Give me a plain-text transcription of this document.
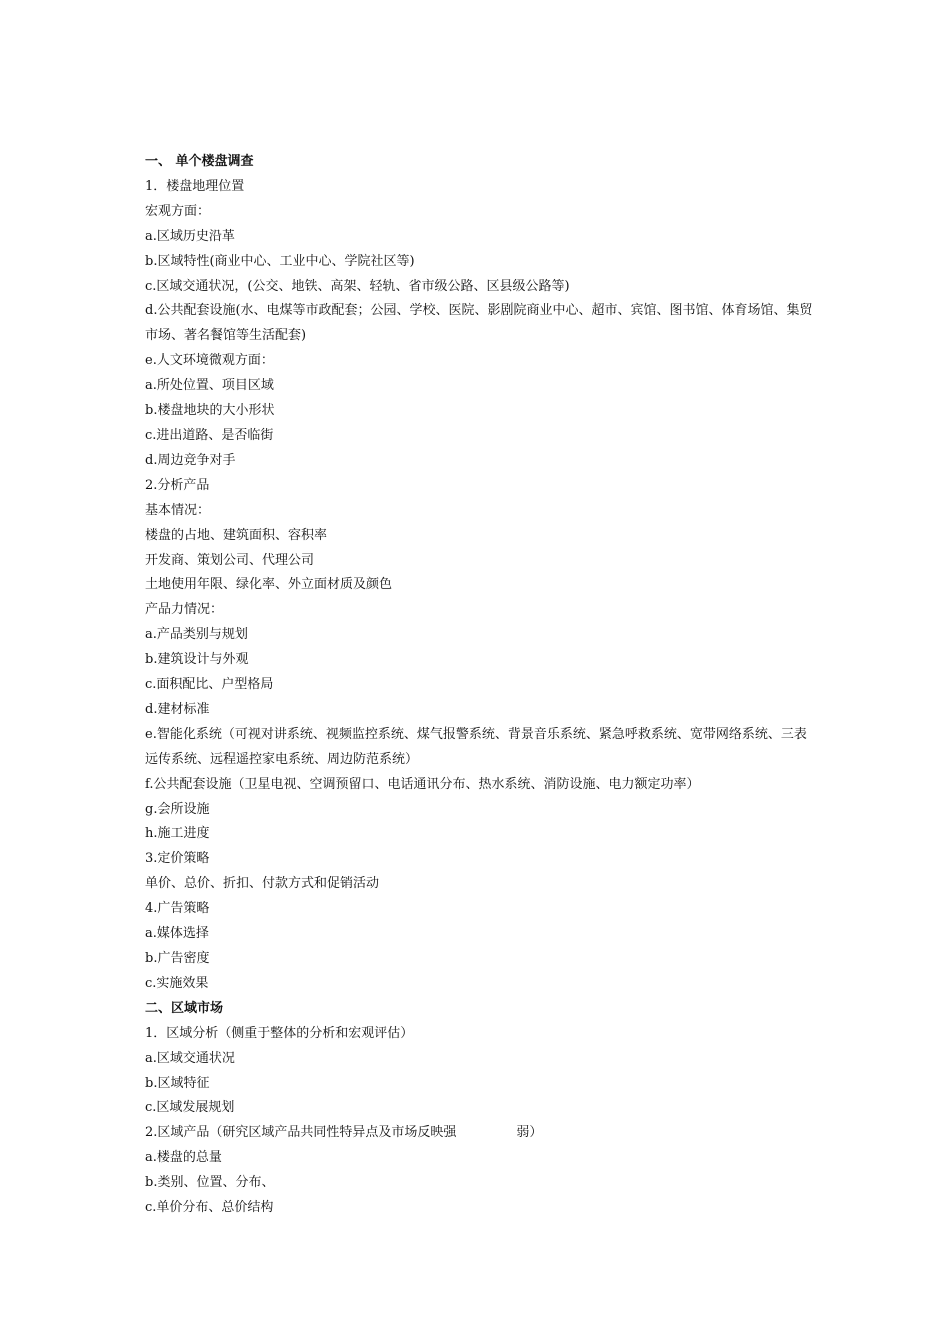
一、 单个楼盘调查
1．楼盘地理位置
宏观方面：
a.区域历史沿革
b.区域特性(商业中心、工业中心、学院社区等)
c.区域交通状况，(公交、地铁、高架、轻轨、省市级公路、区县级公路等)
d.公共配套设施(水、电煤等市政配套；公园、学校、医院、影剧院商业中心、超市、宾馆、图书馆、体育场馆、集贸市场、著名餐馆等生活配套)
e.人文环境微观方面：
a.所处位置、项目区域
b.楼盘地块的大小形状
c.进出道路、是否临街
d.周边竞争对手
2.分析产品
基本情况：
楼盘的占地、建筑面积、容积率
开发商、策划公司、代理公司
土地使用年限、绿化率、外立面材质及颜色
产品力情况：
a.产品类别与规划
b.建筑设计与外观
c.面积配比、户型格局
d.建材标准
e.智能化系统（可视对讲系统、视频监控系统、煤气报警系统、背景音乐系统、紧急呼救系统、宽带网络系统、三表远传系统、远程遥控家电系统、周边防范系统）
f.公共配套设施（卫星电视、空调预留口、电话通讯分布、热水系统、消防设施、电力额定功率）
g.会所设施
h.施工进度
3.定价策略
单价、总价、折扣、付款方式和促销活动
4.广告策略
a.媒体选择
b.广告密度
c.实施效果
二、区域市场
1．区域分析（侧重于整体的分析和宏观评估）
a.区域交通状况
b.区域特征
c.区域发展规划
2.区域产品（研究区域产品共同性特异点及市场反映强	弱）
a.楼盘的总量
b.类别、位置、分布、
c.单价分布、总价结构
